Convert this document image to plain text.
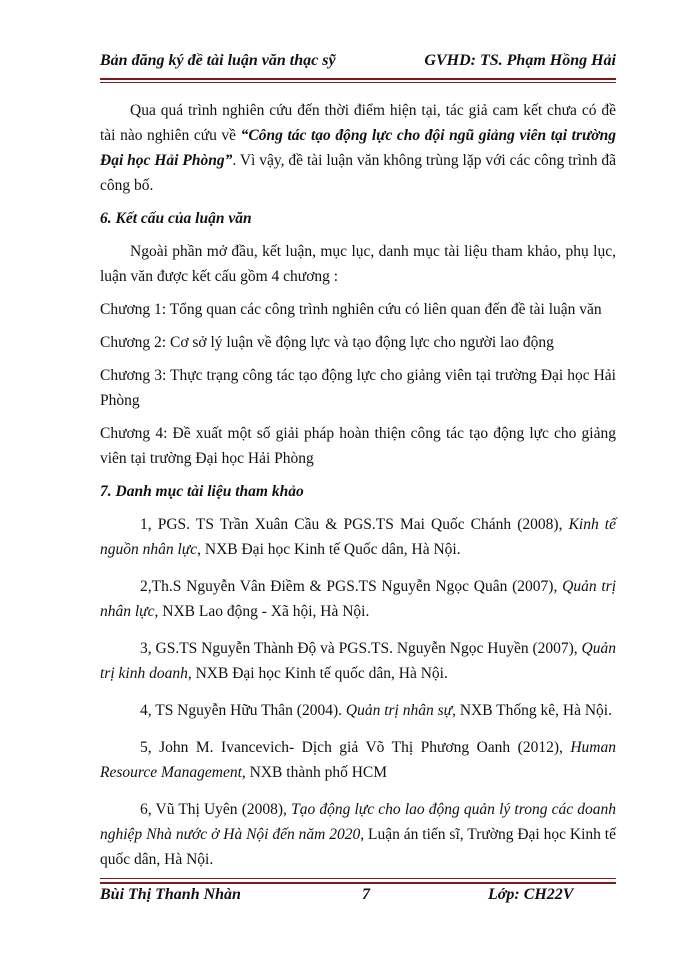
Bản đăng ký đề tài luận văn thạc sỹ	GVHD: TS. Phạm Hồng Hải

Qua quá trình nghiên cứu đến thời điểm hiện tại, tác giả cam kết chưa có đề tài nào nghiên cứu về “Công tác tạo động lực cho đội ngũ giảng viên tại trường Đại học Hải Phòng”. Vì vậy, đề tài luận văn không trùng lặp với các công trình đã công bố.

6. Kết cấu của luận văn

Ngoài phần mở đầu, kết luận, mục lục, danh mục tài liệu tham khảo, phụ lục, luận văn được kết cấu gồm 4 chương :

Chương 1: Tổng quan các công trình nghiên cứu có liên quan đến đề tài luận văn

Chương 2: Cơ sở lý luận về động lực và tạo động lực cho người lao động

Chương 3: Thực trạng công tác tạo động lực cho giảng viên tại trường Đại học Hải Phòng

Chương 4: Đề xuất một số giải pháp hoàn thiện công tác tạo động lực cho giảng viên tại trường Đại học Hải Phòng

7. Danh mục tài liệu tham khảo

1, PGS. TS Trần Xuân Cầu & PGS.TS Mai Quốc Chánh (2008), Kinh tế nguồn nhân lực, NXB Đại học Kinh tế Quốc dân, Hà Nội.

2,Th.S Nguyễn Vân Điềm & PGS.TS Nguyễn Ngọc Quân (2007), Quản trị nhân lực, NXB Lao động - Xã hội, Hà Nội.

3, GS.TS Nguyễn Thành Độ và PGS.TS. Nguyễn Ngọc Huyền (2007), Quản trị kinh doanh, NXB Đại học Kinh tế quốc dân, Hà Nội.

4, TS Nguyễn Hữu Thân (2004). Quản trị nhân sự, NXB Thống kê, Hà Nội.

5, John M. Ivancevich- Dịch giả Võ Thị Phương Oanh (2012), Human Resource Management, NXB thành phố HCM

6, Vũ Thị Uyên (2008), Tạo động lực cho lao động quản lý trong các doanh nghiệp Nhà nước ở Hà Nội đến năm 2020, Luận án tiến sĩ, Trường Đại học Kinh tế quốc dân, Hà Nội.

Bùi Thị Thanh Nhàn	7	Lớp: CH22V
